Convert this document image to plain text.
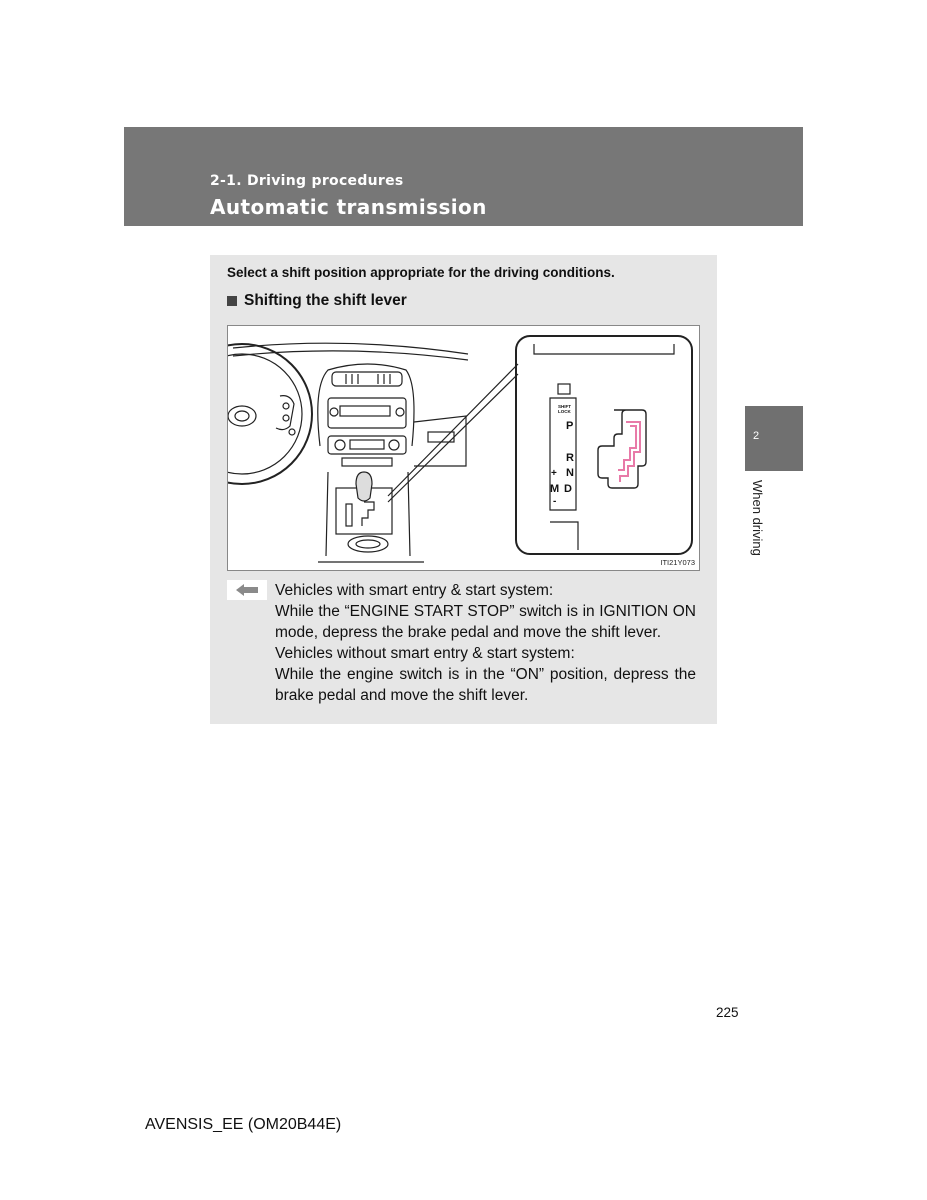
2-1. Driving procedures
Automatic transmission
2
When driving
Select a shift position appropriate for the driving conditions.
Shifting the shift lever
SHIFT
LOCK
P
R
N
D
+
M
-
ITI21Y073

Vehicles with smart entry & start system:

While the “ENGINE START STOP” switch is in IGNITION ON mode, depress the brake pedal and move the shift lever.

Vehicles without smart entry & start system:

While the engine switch is in the “ON” position, depress the brake pedal and move the shift lever.

225
AVENSIS_EE (OM20B44E)
